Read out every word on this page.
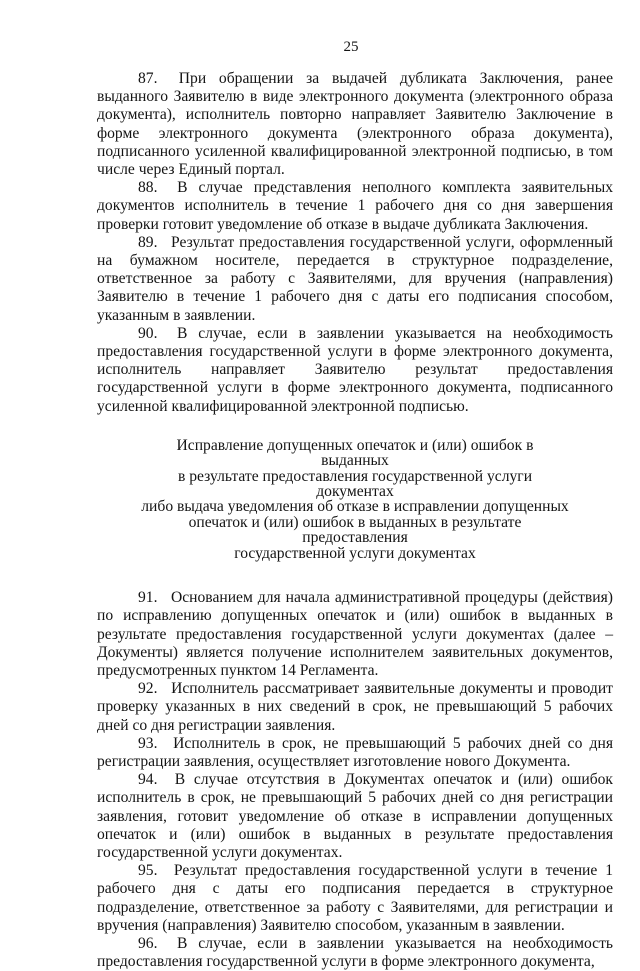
25

87. При обращении за выдачей дубликата Заключения, ранее выданного Заявителю в виде электронного документа (электронного образа документа), исполнитель повторно направляет Заявителю Заключение в форме электронного документа (электронного образа документа), подписанного усиленной квалифицированной электронной подписью, в том числе через Единый портал.

88. В случае представления неполного комплекта заявительных документов исполнитель в течение 1 рабочего дня со дня завершения проверки готовит уведомление об отказе в выдаче дубликата Заключения.

89. Результат предоставления государственной услуги, оформленный на бумажном носителе, передается в структурное подразделение, ответственное за работу с Заявителями, для вручения (направления) Заявителю в течение 1 рабочего дня с даты его подписания способом, указанным в заявлении.

90. В случае, если в заявлении указывается на необходимость предоставления государственной услуги в форме электронного документа, исполнитель направляет Заявителю результат предоставления государственной услуги в форме электронного документа, подписанного усиленной квалифицированной электронной подписью.

Исправление допущенных опечаток и (или) ошибок в выданных
в результате предоставления государственной услуги документах
либо выдача уведомления об отказе в исправлении допущенных
опечаток и (или) ошибок в выданных в результате предоставления
государственной услуги документах

91. Основанием для начала административной процедуры (действия) по исправлению допущенных опечаток и (или) ошибок в выданных в результате предоставления государственной услуги документах (далее – Документы) является получение исполнителем заявительных документов, предусмотренных пунктом 14 Регламента.

92. Исполнитель рассматривает заявительные документы и проводит проверку указанных в них сведений в срок, не превышающий 5 рабочих дней со дня регистрации заявления.

93. Исполнитель в срок, не превышающий 5 рабочих дней со дня регистрации заявления, осуществляет изготовление нового Документа.

94. В случае отсутствия в Документах опечаток и (или) ошибок исполнитель в срок, не превышающий 5 рабочих дней со дня регистрации заявления, готовит уведомление об отказе в исправлении допущенных опечаток и (или) ошибок в выданных в результате предоставления государственной услуги документах.

95. Результат предоставления государственной услуги в течение 1 рабочего дня с даты его подписания передается в структурное подразделение, ответственное за работу с Заявителями, для регистрации и вручения (направления) Заявителю способом, указанным в заявлении.

96. В случае, если в заявлении указывается на необходимость предоставления государственной услуги в форме электронного документа,
